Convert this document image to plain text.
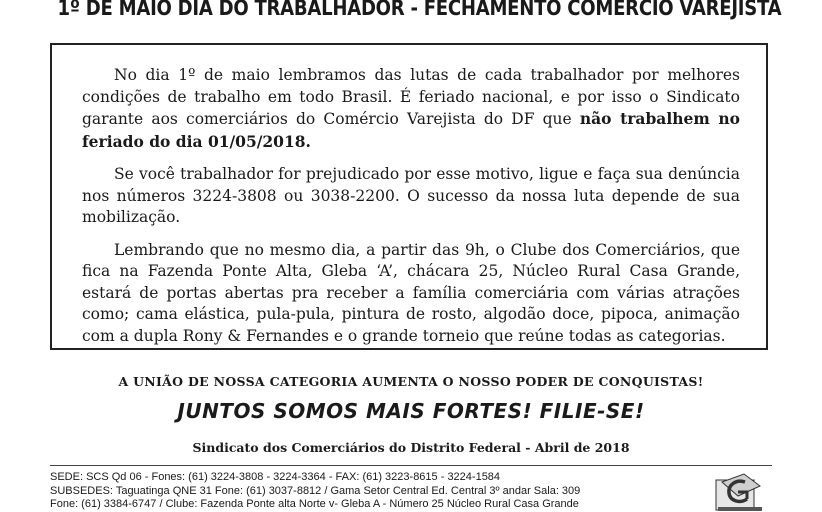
1º DE MAIO DIA DO TRABALHADOR - FECHAMENTO COMERCIO VAREJISTA

No dia 1º de maio lembramos das lutas de cada trabalhador por melhores condições de trabalho em todo Brasil. É feriado nacional, e por isso o Sindicato garante aos comerciários do Comércio Varejista do DF que não trabalhem no feriado do dia 01/05/2018.

Se você trabalhador for prejudicado por esse motivo, ligue e faça sua denúncia nos números 3224-3808 ou 3038-2200. O sucesso da nossa luta depende de sua mobilização.

Lembrando que no mesmo dia, a partir das 9h, o Clube dos Comerciários, que fica na Fazenda Ponte Alta, Gleba ‘A’, chácara 25, Núcleo Rural Casa Grande, estará de portas abertas pra receber a família comerciária com várias atrações como; cama elástica, pula-pula, pintura de rosto, algodão doce, pipoca, animação com a dupla Rony & Fernandes e o grande torneio que reúne todas as categorias.

A UNIÃO DE NOSSA CATEGORIA AUMENTA O NOSSO PODER DE CONQUISTAS!
JUNTOS SOMOS MAIS FORTES! FILIE-SE!
Sindicato dos Comerciários do Distrito Federal - Abril de 2018
SEDE: SCS Qd 06 - Fones: (61) 3224-3808 - 3224-3364 - FAX: (61) 3223-8615 - 3224-1584
SUBSEDES: Taguatinga QNE 31 Fone: (61) 3037-8812 / Gama Setor Central Ed. Central 3º andar Sala: 309
Fone: (61) 3384-6747 / Clube: Fazenda Ponte alta Norte v- Gleba A - Número 25 Núcleo Rural Casa Grande
